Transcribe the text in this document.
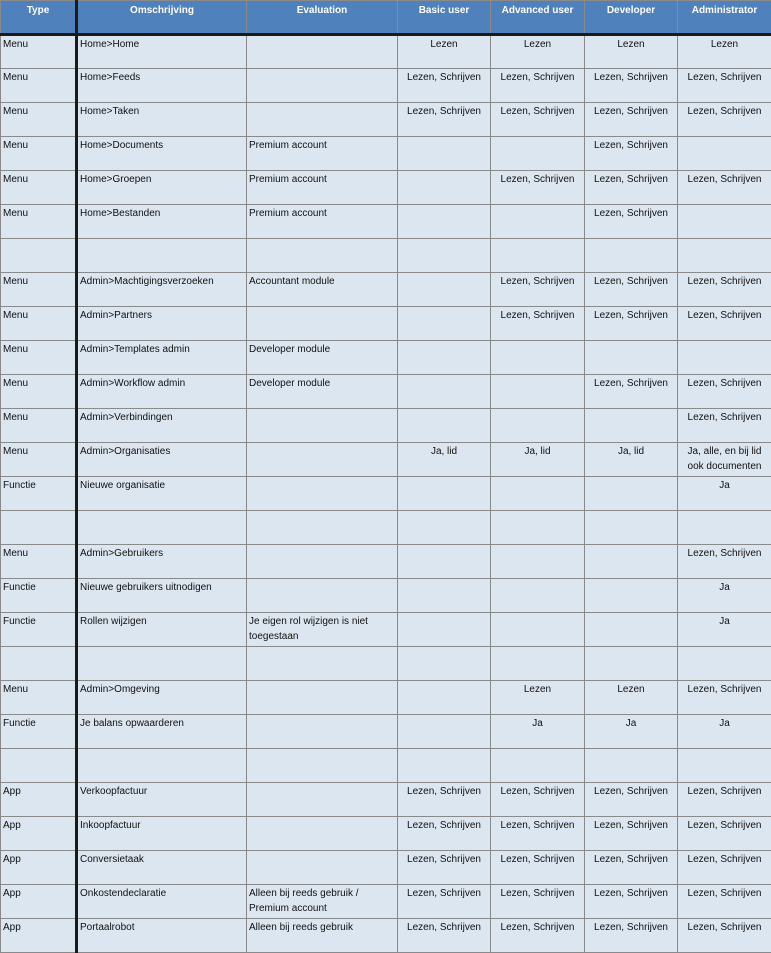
Type	Omschrijving	Evaluation	Basic user	Advanced user	Developer	Administrator
Menu	Home>Home		Lezen	Lezen	Lezen	Lezen
Menu	Home>Feeds		Lezen, Schrijven	Lezen, Schrijven	Lezen, Schrijven	Lezen, Schrijven
Menu	Home>Taken		Lezen, Schrijven	Lezen, Schrijven	Lezen, Schrijven	Lezen, Schrijven
Menu	Home>Documents	Premium account			Lezen, Schrijven	
Menu	Home>Groepen	Premium account		Lezen, Schrijven	Lezen, Schrijven	Lezen, Schrijven
Menu	Home>Bestanden	Premium account			Lezen, Schrijven	

Menu	Admin>Machtigingsverzoeken	Accountant module		Lezen, Schrijven	Lezen, Schrijven	Lezen, Schrijven
Menu	Admin>Partners			Lezen, Schrijven	Lezen, Schrijven	Lezen, Schrijven
Menu	Admin>Templates admin	Developer module				
Menu	Admin>Workflow admin	Developer module			Lezen, Schrijven	Lezen, Schrijven
Menu	Admin>Verbindingen					Lezen, Schrijven
Menu	Admin>Organisaties		Ja, lid	Ja, lid	Ja, lid	Ja, alle, en bij lid ook documenten
Functie	Nieuwe organisatie					Ja

Menu	Admin>Gebruikers					Lezen, Schrijven
Functie	Nieuwe gebruikers uitnodigen					Ja
Functie	Rollen wijzigen	Je eigen rol wijzigen is niet toegestaan				Ja

Menu	Admin>Omgeving			Lezen	Lezen	Lezen, Schrijven
Functie	Je balans opwaarderen			Ja	Ja	Ja

App	Verkoopfactuur		Lezen, Schrijven	Lezen, Schrijven	Lezen, Schrijven	Lezen, Schrijven
App	Inkoopfactuur		Lezen, Schrijven	Lezen, Schrijven	Lezen, Schrijven	Lezen, Schrijven
App	Conversietaak		Lezen, Schrijven	Lezen, Schrijven	Lezen, Schrijven	Lezen, Schrijven
App	Onkostendeclaratie	Alleen bij reeds gebruik / Premium account	Lezen, Schrijven	Lezen, Schrijven	Lezen, Schrijven	Lezen, Schrijven
App	Portaalrobot	Alleen bij reeds gebruik	Lezen, Schrijven	Lezen, Schrijven	Lezen, Schrijven	Lezen, Schrijven
